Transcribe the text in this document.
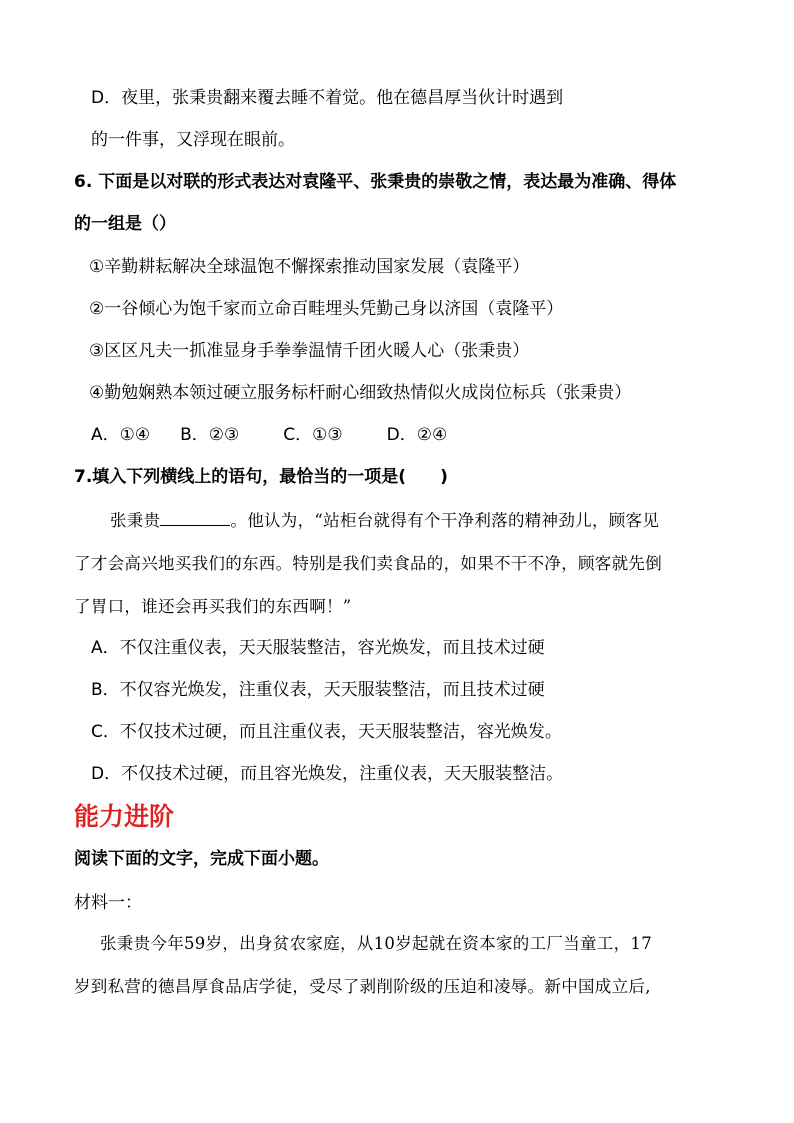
D．夜里，张秉贵翻来覆去睡不着觉。他在德昌厚当伙计时遇到
的一件事，又浮现在眼前。
6. 下面是以对联的形式表达对袁隆平、张秉贵的崇敬之情，表达最为准确、得体
的一组是（）
①辛勤耕耘解决全球温饱不懈探索推动国家发展（袁隆平）
②一谷倾心为饱千家而立命百畦埋头凭勤己身以济国（袁隆平）
③区区凡夫一抓准显身手拳拳温情千团火暖人心（张秉贵）
④勤勉娴熟本领过硬立服务标杆耐心细致热情似火成岗位标兵（张秉贵）
A．①④ B．②③	C．①③	D．②④
7.填入下列横线上的语句，最恰当的一项是( )
张秉贵	。他认为，“站柜台就得有个干净利落的精神劲儿，顾客见
了才会高兴地买我们的东西。特别是我们卖食品的，如果不干不净，顾客就先倒
了胃口，谁还会再买我们的东西啊！”
A．不仅注重仪表，天天服装整洁，容光焕发，而且技术过硬
B．不仅容光焕发，注重仪表，天天服装整洁，而且技术过硬
C．不仅技术过硬，而且注重仪表，天天服装整洁，容光焕发。
D．不仅技术过硬，而且容光焕发，注重仪表，天天服装整洁。
能力进阶
阅读下面的文字，完成下面小题。
材料一：
张秉贵今年59岁，出身贫农家庭，从10岁起就在资本家的工厂当童工，17
岁到私营的德昌厚食品店学徒，受尽了剥削阶级的压迫和凌辱。新中国成立后,
